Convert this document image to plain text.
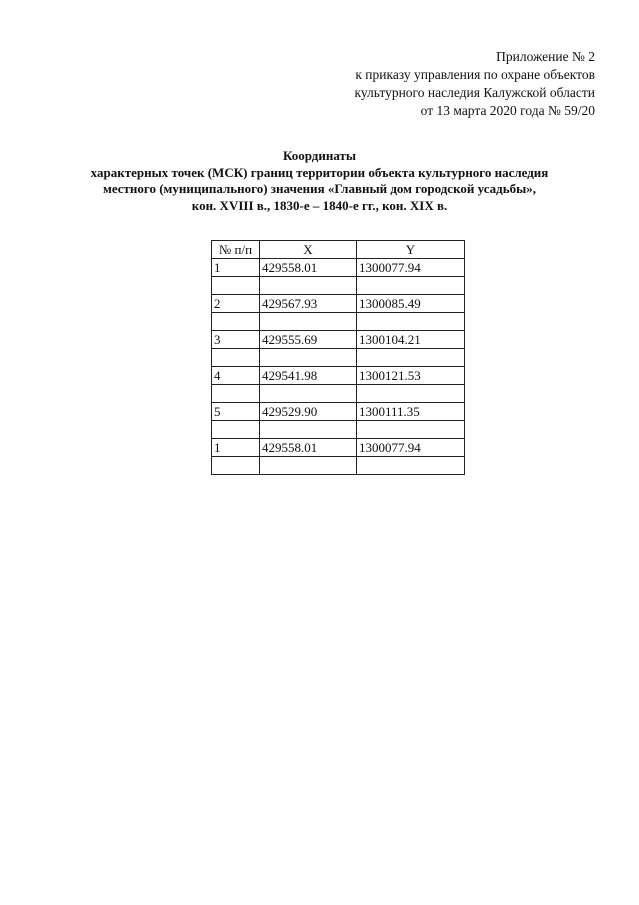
Приложение № 2
к приказу управления по охране объектов
культурного наследия Калужской области
от 13 марта 2020 года № 59/20
Координаты
характерных точек (МСК) границ территории объекта культурного наследия
местного (муниципального) значения «Главный дом городской усадьбы»,
кон. XVIII в., 1830-е – 1840-е гг., кон. XIX в.
№ п/п	X	Y
1	429558.01	1300077.94

2	429567.93	1300085.49

3	429555.69	1300104.21

4	429541.98	1300121.53

5	429529.90	1300111.35

1	429558.01	1300077.94
